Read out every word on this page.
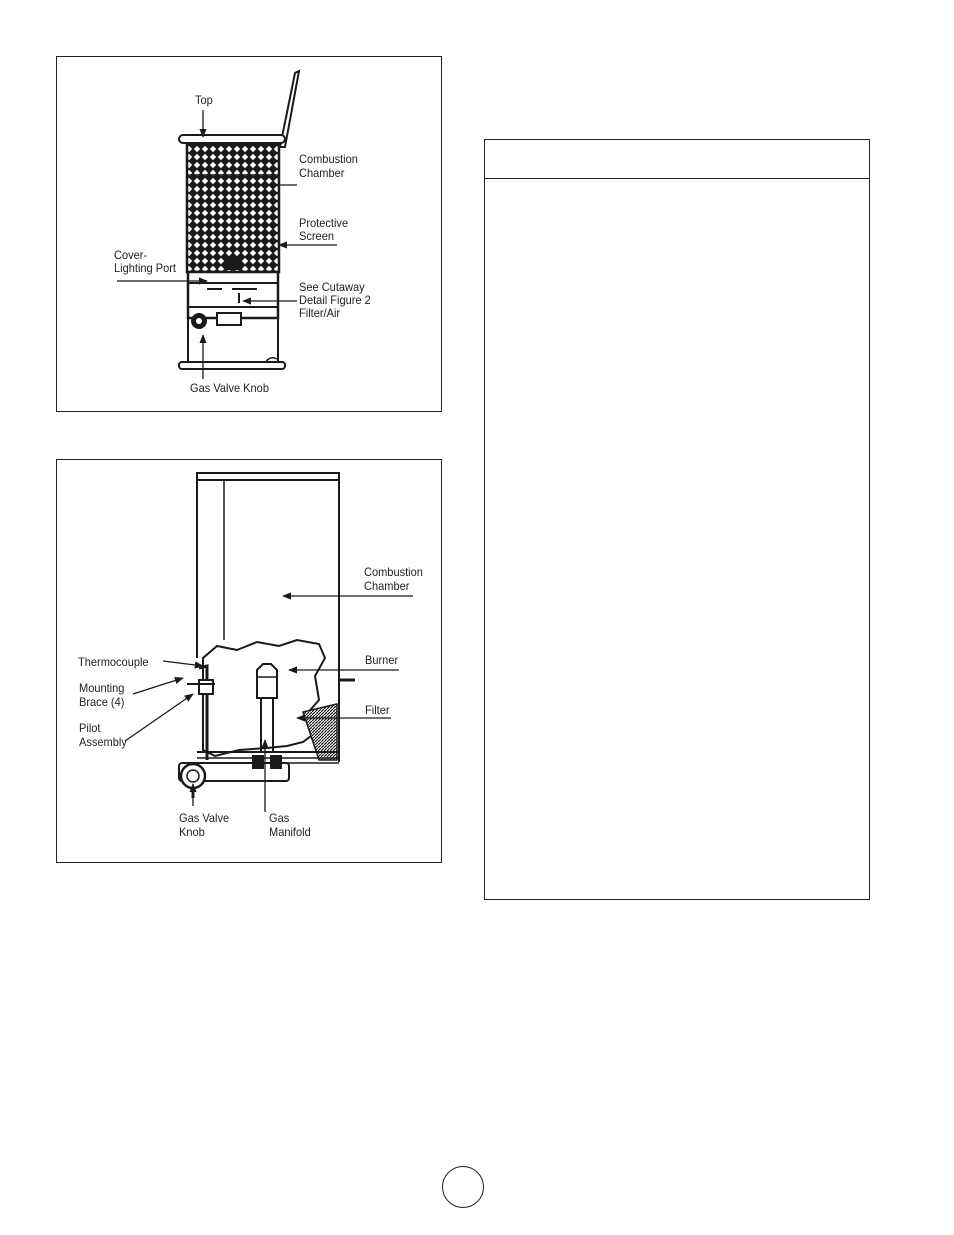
Top
Combustion
Chamber
Protective
Screen
Cover-
Lighting Port
See Cutaway
Detail Figure 2
Filter/Air
Gas Valve Knob
Combustion
Chamber
Burner
Filter
Thermocouple
Mounting
Brace (4)
Pilot
Assembly
Gas Valve
Knob
Gas
Manifold
